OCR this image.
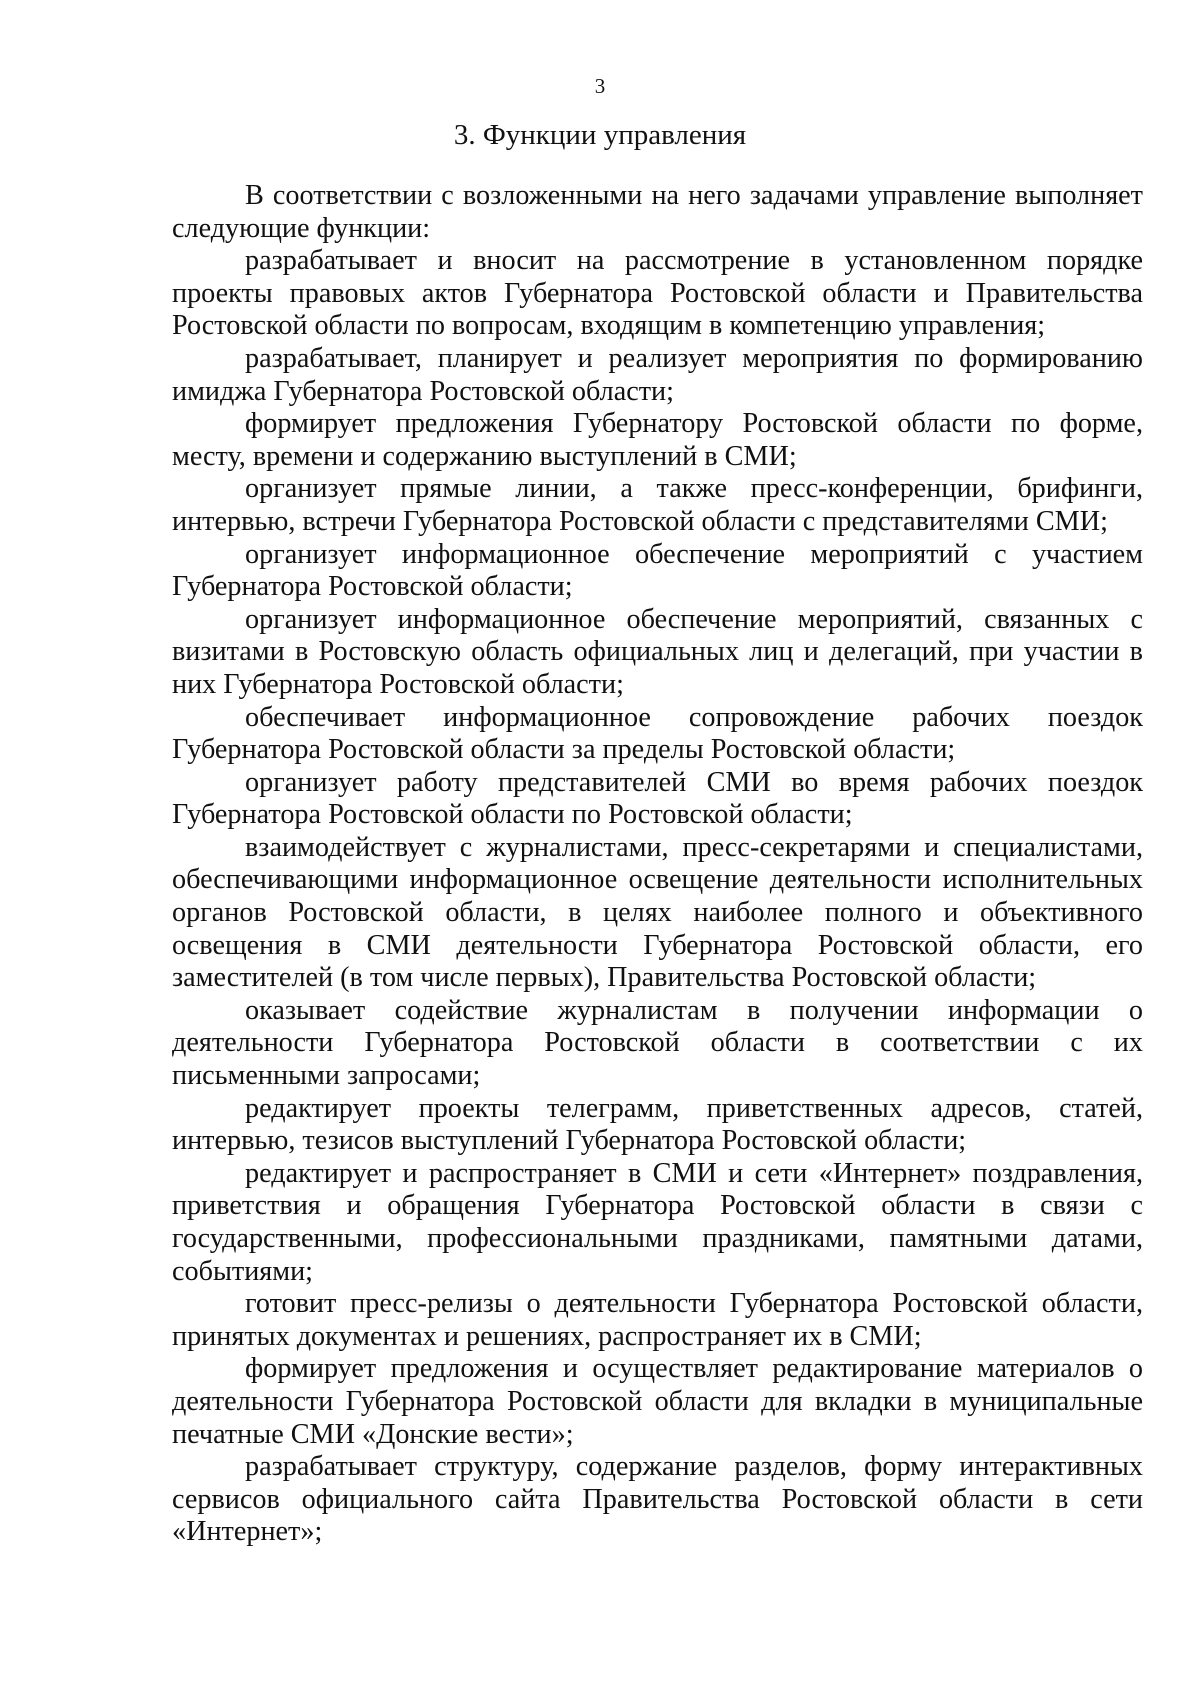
3
3. Функции управления

В соответствии с возложенными на него задачами управление выполняет следующие функции:

разрабатывает и вносит на рассмотрение в установленном порядке проекты правовых актов Губернатора Ростовской области и Правительства Ростовской области по вопросам, входящим в компетенцию управления;

разрабатывает, планирует и реализует мероприятия по формированию имиджа Губернатора Ростовской области;

формирует предложения Губернатору Ростовской области по форме, месту, времени и содержанию выступлений в СМИ;

организует прямые линии, а также пресс-конференции, брифинги, интервью, встречи Губернатора Ростовской области с представителями СМИ;

организует информационное обеспечение мероприятий с участием Губернатора Ростовской области;

организует информационное обеспечение мероприятий, связанных с визитами в Ростовскую область официальных лиц и делегаций, при участии в них Губернатора Ростовской области;

обеспечивает информационное сопровождение рабочих поездок Губернатора Ростовской области за пределы Ростовской области;

организует работу представителей СМИ во время рабочих поездок Губернатора Ростовской области по Ростовской области;

взаимодействует с журналистами, пресс-секретарями и специалистами, обеспечивающими информационное освещение деятельности исполнительных органов Ростовской области, в целях наиболее полного и объективного освещения в СМИ деятельности Губернатора Ростовской области, его заместителей (в том числе первых), Правительства Ростовской области;

оказывает содействие журналистам в получении информации о деятельности Губернатора Ростовской области в соответствии с их письменными запросами;

редактирует проекты телеграмм, приветственных адресов, статей, интервью, тезисов выступлений Губернатора Ростовской области;

редактирует и распространяет в СМИ и сети «Интернет» поздравления, приветствия и обращения Губернатора Ростовской области в связи с государственными, профессиональными праздниками, памятными датами, событиями;

готовит пресс-релизы о деятельности Губернатора Ростовской области, принятых документах и решениях, распространяет их в СМИ;

формирует предложения и осуществляет редактирование материалов о деятельности Губернатора Ростовской области для вкладки в муниципальные печатные СМИ «Донские вести»;

разрабатывает структуру, содержание разделов, форму интерактивных сервисов официального сайта Правительства Ростовской области в сети «Интернет»;
